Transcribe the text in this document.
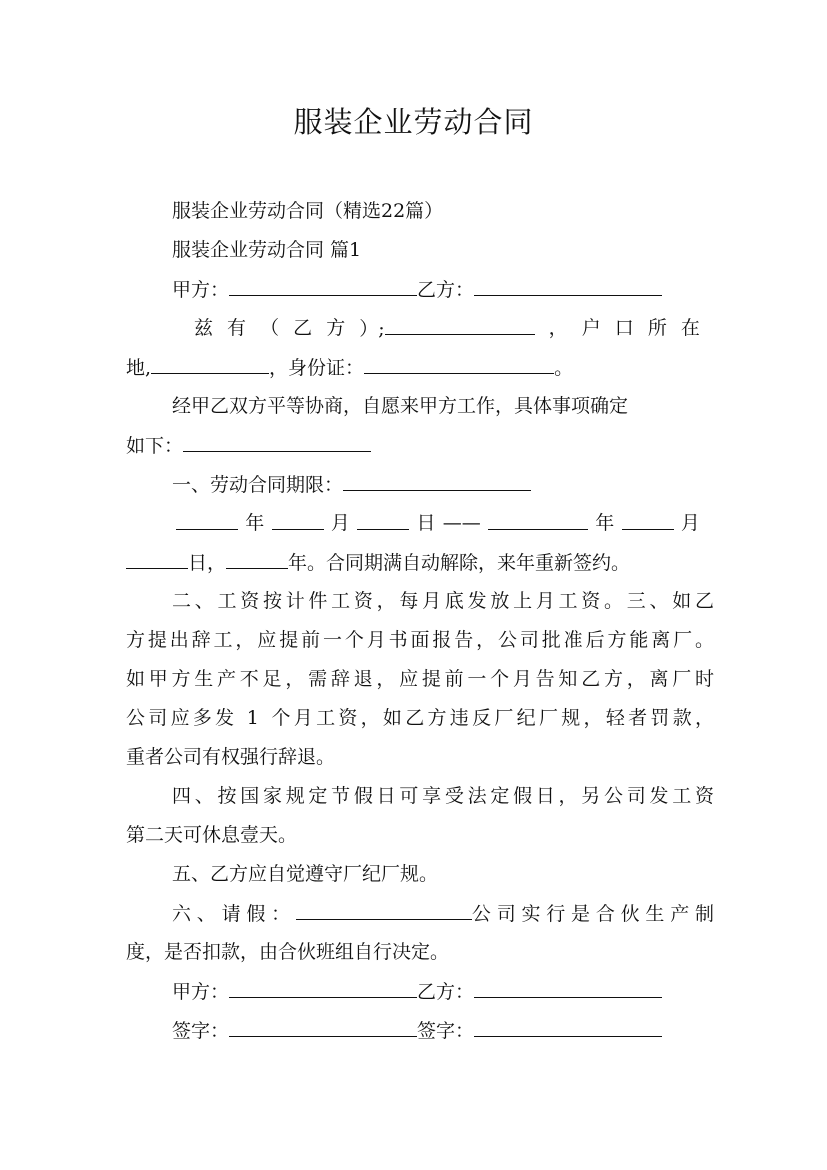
服装企业劳动合同
服装企业劳动合同（精选22篇）
服装企业劳动合同 篇1
甲方：	乙方：
兹 有 （ 乙 方 ）;	， 户 口 所 在
地,	，身份证：	。
经甲乙双方平等协商，自愿来甲方工作，具体事项确定
如下：
一、劳动合同期限：
年	月	日 ——	年	月
日，	年。合同期满自动解除，来年重新签约。
二、工资按计件工资，每月底发放上月工资。三、如乙
方提出辞工，应提前一个月书面报告，公司批准后方能离厂。
如甲方生产不足，需辞退，应提前一个月告知乙方，离厂时
公司应多发 1 个月工资，如乙方违反厂纪厂规，轻者罚款，
重者公司有权强行辞退。
四、按国家规定节假日可享受法定假日，另公司发工资
第二天可休息壹天。
五、乙方应自觉遵守厂纪厂规。
六、请假：	公司实行是合伙生产制
度，是否扣款，由合伙班组自行决定。
甲方：	乙方：
签字：	签字：
